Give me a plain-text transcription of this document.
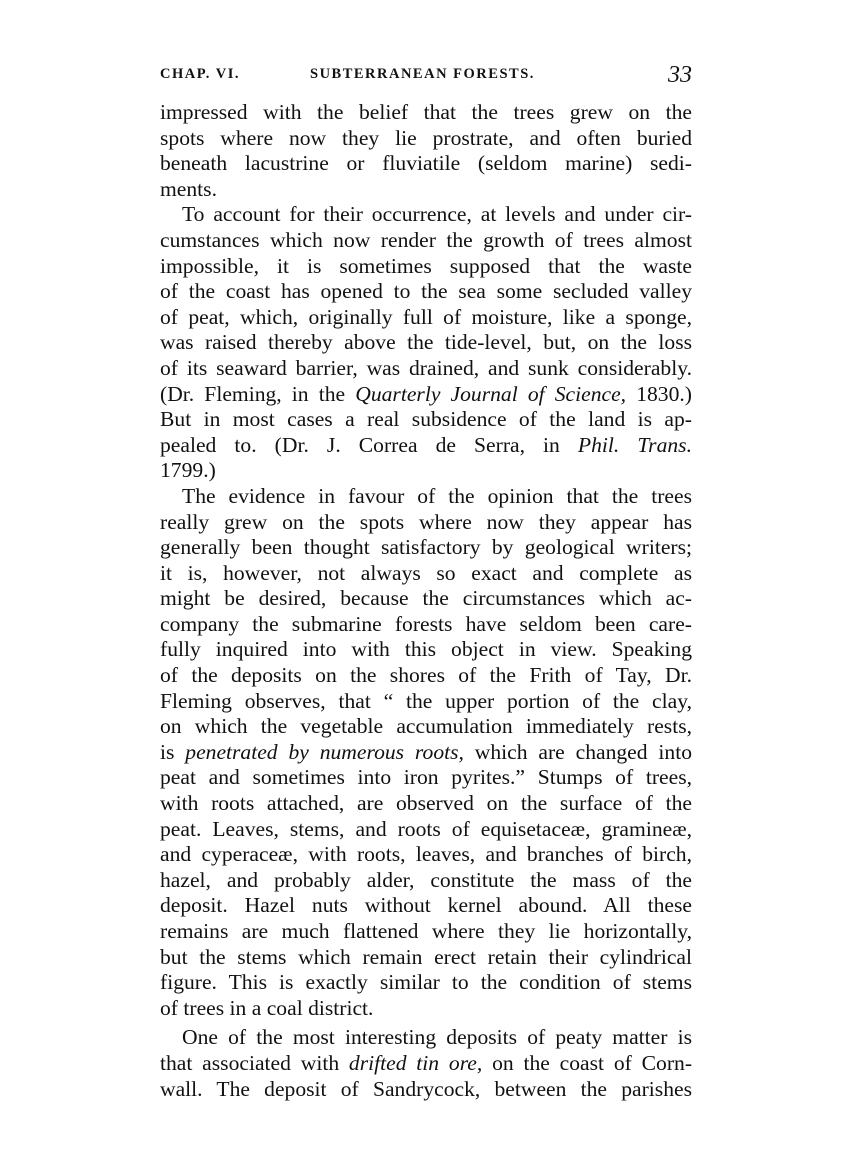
CHAP. VI.	SUBTERRANEAN FORESTS.	33

impressed with the belief that the trees grew on the
spots where now they lie prostrate, and often buried
beneath lacustrine or fluviatile (seldom marine) sedi-
ments.

To account for their occurrence, at levels and under cir-
cumstances which now render the growth of trees almost
impossible, it is sometimes supposed that the waste
of the coast has opened to the sea some secluded valley
of peat, which, originally full of moisture, like a sponge,
was raised thereby above the tide-level, but, on the loss
of its seaward barrier, was drained, and sunk considerably.
(Dr. Fleming, in the Quarterly Journal of Science, 1830.)
But in most cases a real subsidence of the land is ap-
pealed to. (Dr. J. Correa de Serra, in Phil. Trans.
1799.)

The evidence in favour of the opinion that the trees
really grew on the spots where now they appear has
generally been thought satisfactory by geological writers;
it is, however, not always so exact and complete as
might be desired, because the circumstances which ac-
company the submarine forests have seldom been care-
fully inquired into with this object in view. Speaking
of the deposits on the shores of the Frith of Tay, Dr.
Fleming observes, that “ the upper portion of the clay,
on which the vegetable accumulation immediately rests,
is penetrated by numerous roots, which are changed into
peat and sometimes into iron pyrites.” Stumps of trees,
with roots attached, are observed on the surface of the
peat. Leaves, stems, and roots of equisetaceæ, gramineæ,
and cyperaceæ, with roots, leaves, and branches of birch,
hazel, and probably alder, constitute the mass of the
deposit. Hazel nuts without kernel abound. All these
remains are much flattened where they lie horizontally,
but the stems which remain erect retain their cylindrical
figure. This is exactly similar to the condition of stems
of trees in a coal district.

One of the most interesting deposits of peaty matter is
that associated with drifted tin ore, on the coast of Corn-
wall. The deposit of Sandrycock, between the parishes
